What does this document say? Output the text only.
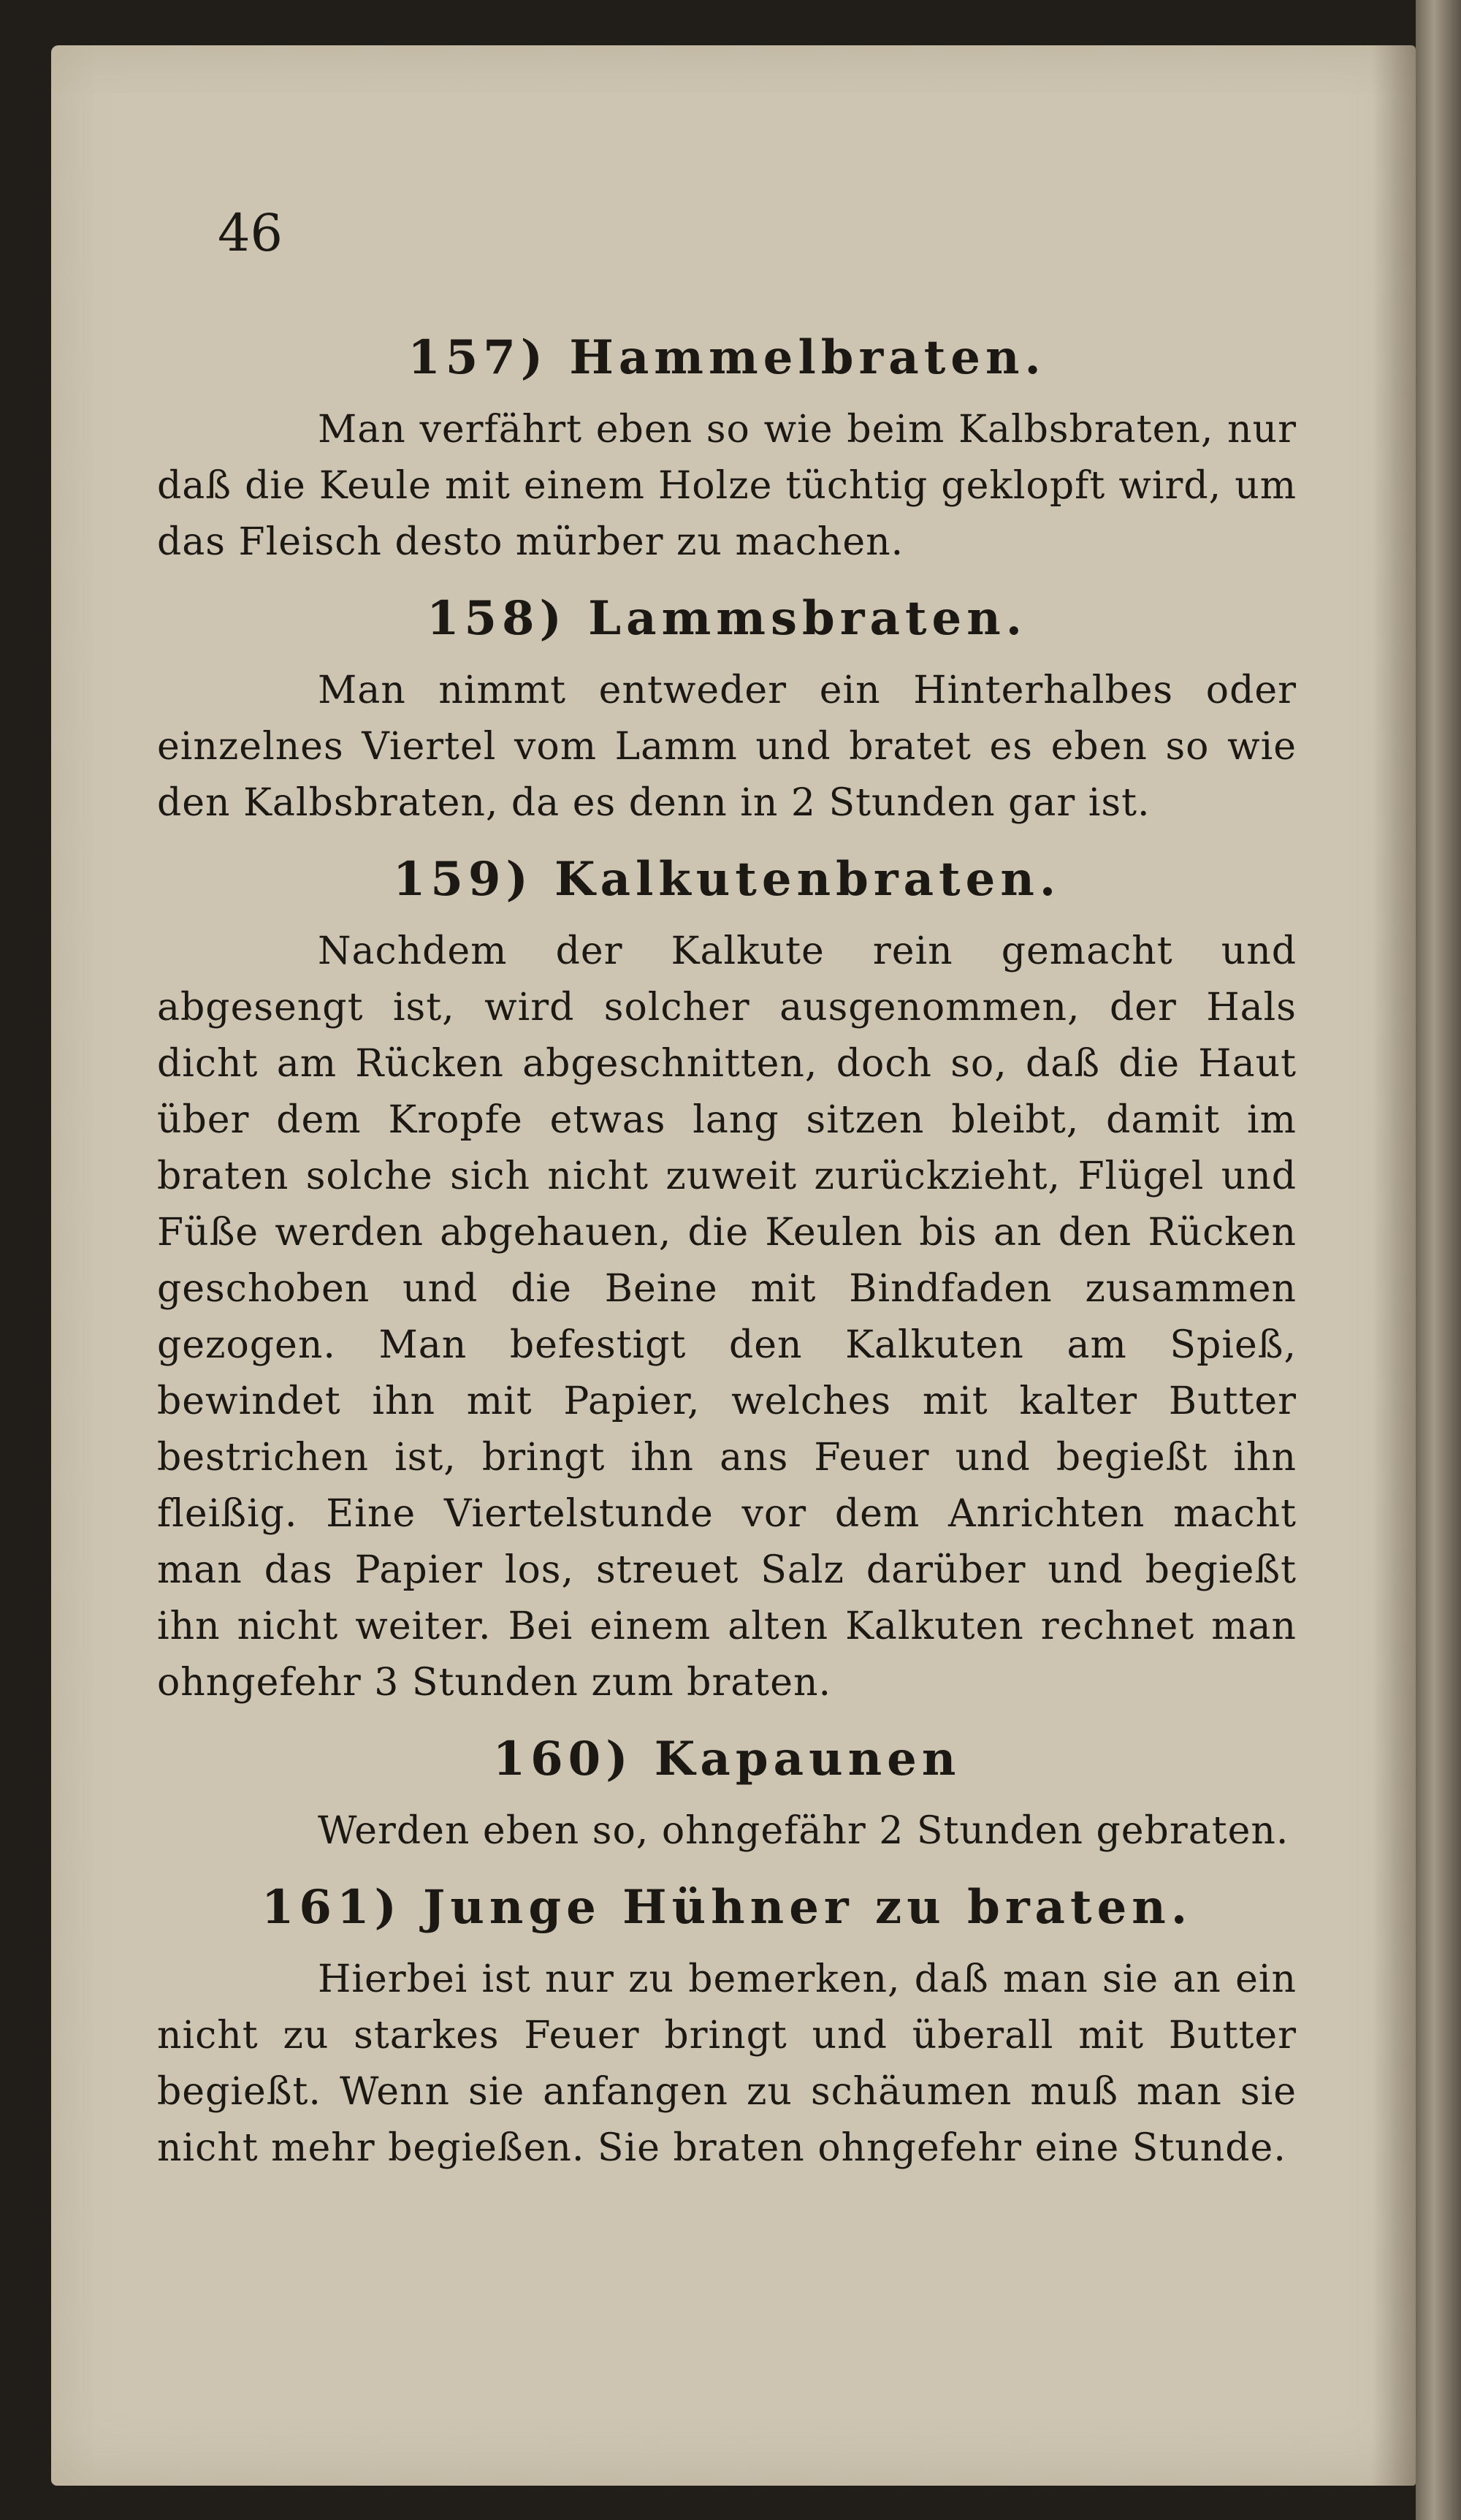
46
157) Hammelbraten.

Man verfährt eben so wie beim Kalbsbraten, nur daß die Keule mit einem Holze tüchtig geklopft wird, um das Fleisch desto mürber zu machen.

158) Lammsbraten.

Man nimmt entweder ein Hinterhalbes oder einzelnes Viertel vom Lamm und bratet es eben so wie den Kalbsbraten, da es denn in 2 Stunden gar ist.

159) Kalkutenbraten.

Nachdem der Kalkute rein gemacht und abgesengt ist, wird solcher ausgenommen, der Hals dicht am Rücken abgeschnitten, doch so, daß die Haut über dem Kropfe etwas lang sitzen bleibt, damit im braten solche sich nicht zuweit zurückzieht, Flügel und Füße werden abgehauen, die Keulen bis an den Rücken geschoben und die Beine mit Bindfaden zusammen gezogen. Man befestigt den Kalkuten am Spieß, bewindet ihn mit Papier, welches mit kalter Butter bestrichen ist, bringt ihn ans Feuer und begießt ihn fleißig. Eine Viertelstunde vor dem Anrichten macht man das Papier los, streuet Salz darüber und begießt ihn nicht weiter. Bei einem alten Kalkuten rechnet man ohngefehr 3 Stunden zum braten.

160) Kapaunen

Werden eben so, ohngefähr 2 Stunden gebraten.

161) Junge Hühner zu braten.

Hierbei ist nur zu bemerken, daß man sie an ein nicht zu starkes Feuer bringt und überall mit Butter begießt. Wenn sie anfangen zu schäumen muß man sie nicht mehr begießen. Sie braten ohngefehr eine Stunde.
